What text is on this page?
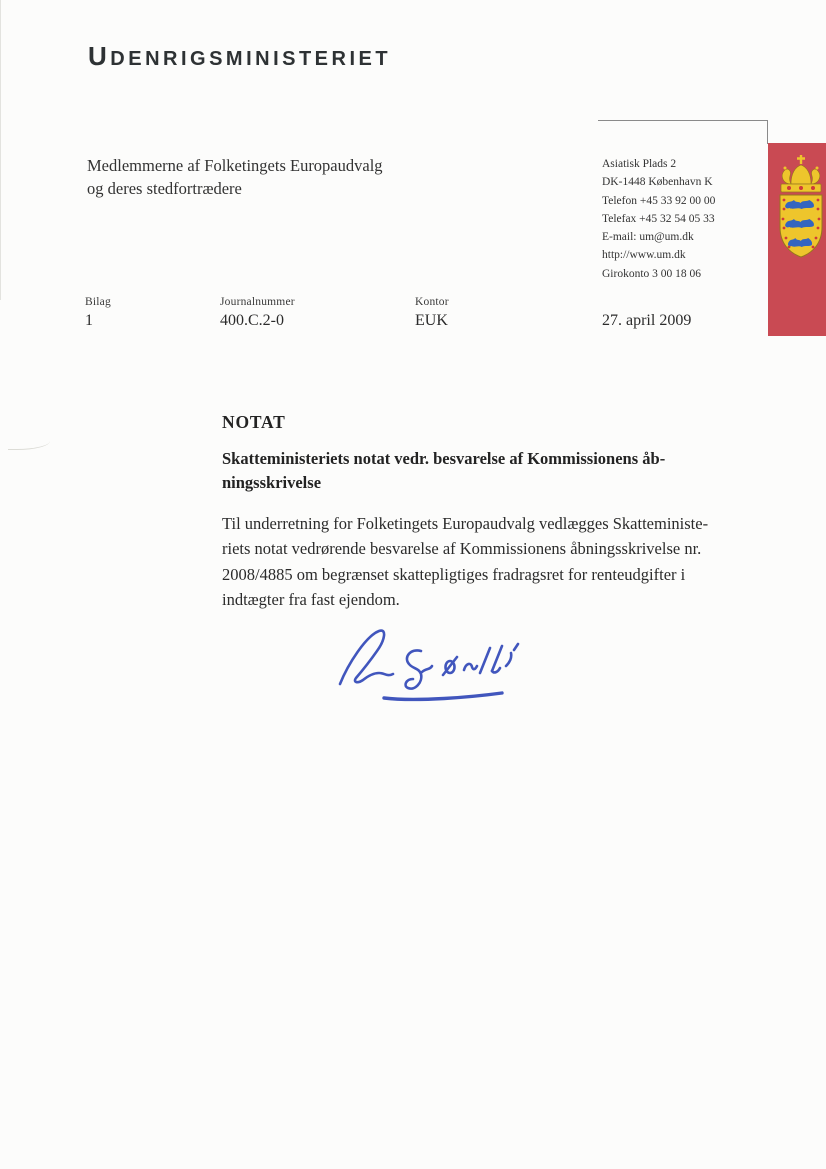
UDENRIGSMINISTERIET
Medlemmerne af Folketingets Europaudvalg
og deres stedfortrædere
Asiatisk Plads 2
DK-1448 København K
Telefon +45 33 92 00 00
Telefax +45 32 54 05 33
E-mail: um@um.dk
http://www.um.dk
Girokonto 3 00 18 06
Bilag
1
Journalnummer
400.C.2-0
Kontor
EUK	27. april 2009
NOTAT
Skatteministeriets notat vedr. besvarelse af Kommissionens åb-
ningsskrivelse
Til underretning for Folketingets Europaudvalg vedlægges Skatteministe-
riets notat vedrørende besvarelse af Kommissionens åbningsskrivelse nr.
2008/4885 om begrænset skattepligtiges fradragsret for renteudgifter i
indtægter fra fast ejendom.
